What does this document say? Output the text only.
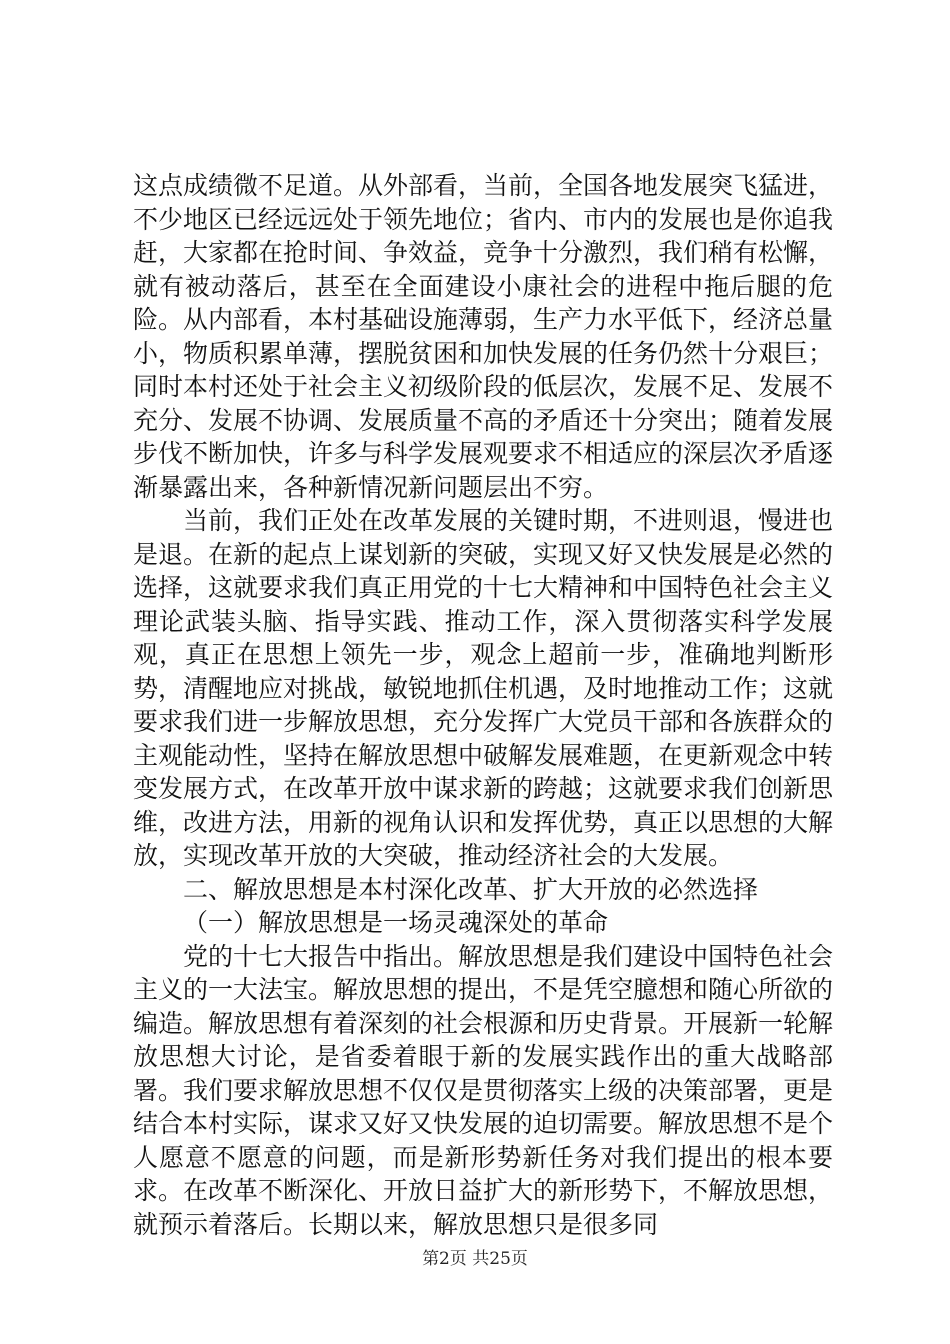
这点成绩微不足道。从外部看，当前，全国各地发展突飞猛进，不少地区已经远远处于领先地位；省内、市内的发展也是你追我赶，大家都在抢时间、争效益，竞争十分激烈，我们稍有松懈，就有被动落后，甚至在全面建设小康社会的进程中拖后腿的危险。从内部看，本村基础设施薄弱，生产力水平低下，经济总量小，物质积累单薄，摆脱贫困和加快发展的任务仍然十分艰巨；同时本村还处于社会主义初级阶段的低层次，发展不足、发展不充分、发展不协调、发展质量不高的矛盾还十分突出；随着发展步伐不断加快，许多与科学发展观要求不相适应的深层次矛盾逐渐暴露出来，各种新情况新问题层出不穷。

当前，我们正处在改革发展的关键时期，不进则退，慢进也是退。在新的起点上谋划新的突破，实现又好又快发展是必然的选择，这就要求我们真正用党的十七大精神和中国特色社会主义理论武装头脑、指导实践、推动工作，深入贯彻落实科学发展观，真正在思想上领先一步，观念上超前一步，准确地判断形势，清醒地应对挑战，敏锐地抓住机遇，及时地推动工作；这就要求我们进一步解放思想，充分发挥广大党员干部和各族群众的主观能动性，坚持在解放思想中破解发展难题，在更新观念中转变发展方式，在改革开放中谋求新的跨越；这就要求我们创新思维，改进方法，用新的视角认识和发挥优势，真正以思想的大解放，实现改革开放的大突破，推动经济社会的大发展。

二、解放思想是本村深化改革、扩大开放的必然选择

（一）解放思想是一场灵魂深处的革命

党的十七大报告中指出。解放思想是我们建设中国特色社会主义的一大法宝。解放思想的提出，不是凭空臆想和随心所欲的编造。解放思想有着深刻的社会根源和历史背景。开展新一轮解放思想大讨论，是省委着眼于新的发展实践作出的重大战略部署。我们要求解放思想不仅仅是贯彻落实上级的决策部署，更是结合本村实际，谋求又好又快发展的迫切需要。解放思想不是个人愿意不愿意的问题，而是新形势新任务对我们提出的根本要求。在改革不断深化、开放日益扩大的新形势下，不解放思想，就预示着落后。长期以来，解放思想只是很多同

第2页 共25页
